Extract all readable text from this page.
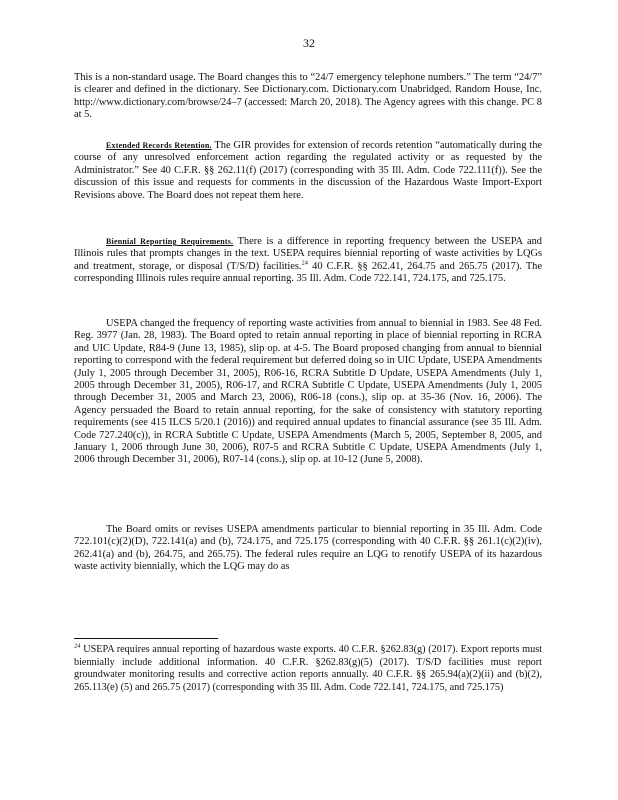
32

This is a non-standard usage. The Board changes this to “24/7 emergency telephone numbers.” The term “24/7” is clearer and defined in the dictionary. See Dictionary.com. Dictionary.com Unabridged. Random House, Inc. http://www.dictionary.com/browse/24–7 (accessed: March 20, 2018). The Agency agrees with this change. PC 8 at 5.

Extended Records Retention. The GIR provides for extension of records retention “automatically during the course of any unresolved enforcement action regarding the regulated activity or as requested by the Administrator.” See 40 C.F.R. §§ 262.11(f) (2017) (corresponding with 35 Ill. Adm. Code 722.111(f)). See the discussion of this issue and requests for comments in the discussion of the Hazardous Waste Import-Export Revisions above. The Board does not repeat them here.

Biennial Reporting Requirements. There is a difference in reporting frequency between the USEPA and Illinois rules that prompts changes in the text. USEPA requires biennial reporting of waste activities by LQGs and treatment, storage, or disposal (T/S/D) facilities.$^{24}$ 40 C.F.R. §§ 262.41, 264.75 and 265.75 (2017). The corresponding Illinois rules require annual reporting. 35 Ill. Adm. Code 722.141, 724.175, and 725.175.

USEPA changed the frequency of reporting waste activities from annual to biennial in 1983. See 48 Fed. Reg. 3977 (Jan. 28, 1983). The Board opted to retain annual reporting in place of biennial reporting in RCRA and UIC Update, R84-9 (June 13, 1985), slip op. at 4-5. The Board proposed changing from annual to biennial reporting to correspond with the federal requirement but deferred doing so in UIC Update, USEPA Amendments (July 1, 2005 through December 31, 2005), R06-16, RCRA Subtitle D Update, USEPA Amendments (July 1, 2005 through December 31, 2005), R06-17, and RCRA Subtitle C Update, USEPA Amendments (July 1, 2005 through December 31, 2005 and March 23, 2006), R06-18 (cons.), slip op. at 35-36 (Nov. 16, 2006). The Agency persuaded the Board to retain annual reporting, for the sake of consistency with statutory reporting requirements (see 415 ILCS 5/20.1 (2016)) and required annual updates to financial assurance (see 35 Ill. Adm. Code 727.240(c)), in RCRA Subtitle C Update, USEPA Amendments (March 5, 2005, September 8, 2005, and January 1, 2006 through June 30, 2006), R07-5 and RCRA Subtitle C Update, USEPA Amendments (July 1, 2006 through December 31, 2006), R07-14 (cons.), slip op. at 10-12 (June 5, 2008).

The Board omits or revises USEPA amendments particular to biennial reporting in 35 Ill. Adm. Code 722.101(c)(2)(D), 722.141(a) and (b), 724.175, and 725.175 (corresponding with 40 C.F.R. §§ 261.1(c)(2)(iv), 262.41(a) and (b), 264.75, and 265.75). The federal rules require an LQG to renotify USEPA of its hazardous waste activity biennially, which the LQG may do as

$^{24}$ USEPA requires annual reporting of hazardous waste exports. 40 C.F.R. §262.83(g) (2017). Export reports must biennially include additional information. 40 C.F.R. §262.83(g)(5) (2017). T/S/D facilities must report groundwater monitoring results and corrective action reports annually. 40 C.F.R. §§ 265.94(a)(2)(ii) and (b)(2), 265.113(e) (5) and 265.75 (2017) (corresponding with 35 Ill. Adm. Code 722.141, 724.175, and 725.175)
